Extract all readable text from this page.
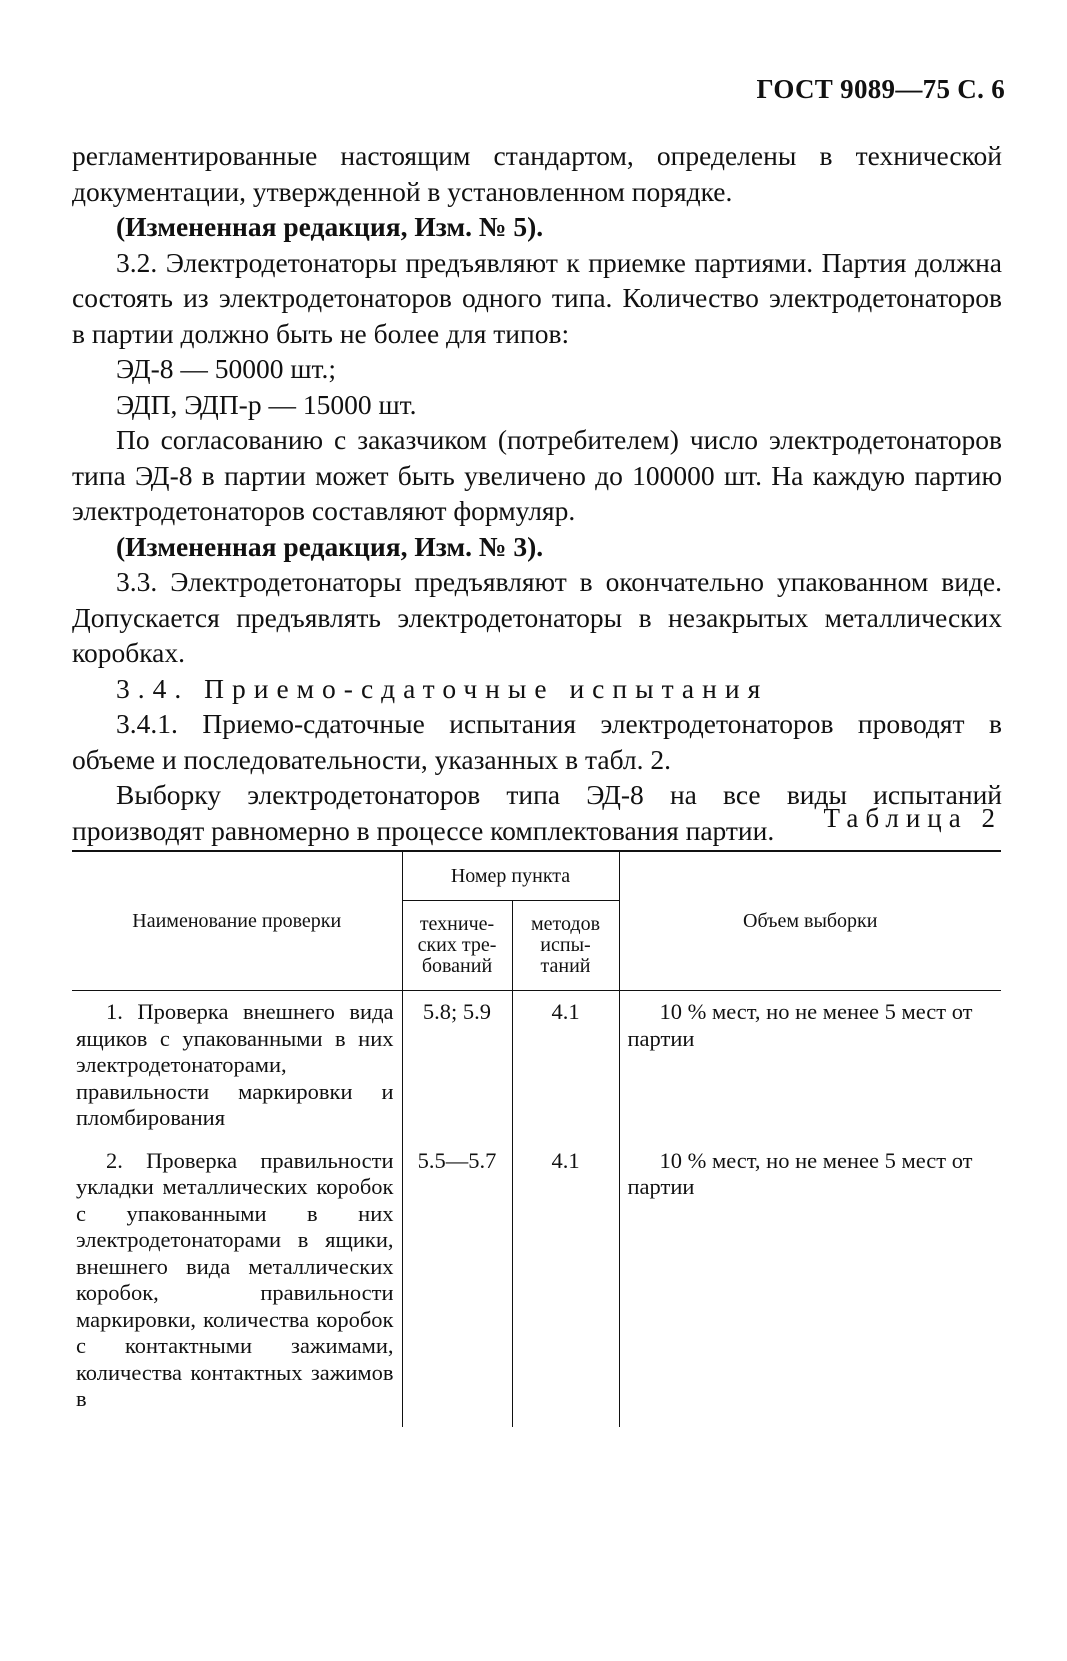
ГОСТ 9089—75 С. 6

регламентированные настоящим стандартом, определены в технической документации, утвержденной в установленном порядке.

(Измененная редакция, Изм. № 5).

3.2. Электродетонаторы предъявляют к приемке партиями. Партия должна состоять из электродетонаторов одного типа. Количество электродетонаторов в партии должно быть не более для типов:

ЭД-8 — 50000 шт.;

ЭДП, ЭДП-р — 15000 шт.

По согласованию с заказчиком (потребителем) число электродетонаторов типа ЭД-8 в партии может быть увеличено до 100000 шт. На каждую партию электродетонаторов составляют формуляр.

(Измененная редакция, Изм. № 3).

3.3. Электродетонаторы предъявляют в окончательно упакованном виде. Допускается предъявлять электродетонаторы в незакрытых металлических коробках.

3.4. Приемо-сдаточные испытания

3.4.1. Приемо-сдаточные испытания электродетонаторов проводят в объеме и последовательности, указанных в табл. 2.

Выборку электродетонаторов типа ЭД-8 на все виды испытаний производят равномерно в процессе комплектования партии.	Таблица 2
Наименование проверки	Номер пункта		Объем выборки
	техниче-ских тре-бований	методов испы-таний	
1. Проверка внешнего вида ящиков с упакованными в них электродетонаторами, правильности маркировки и пломбирования	5.8; 5.9	4.1	10 % мест, но не менее 5 мест от партии
2. Проверка правильности укладки металлических коробок с упакованными в них электродетонаторами в ящики, внешнего вида металлических коробок, правильности маркировки, количества коробок с контактными зажимами, количества контактных зажимов в	5.5—5.7	4.1	10 % мест, но не менее 5 мест от партии
